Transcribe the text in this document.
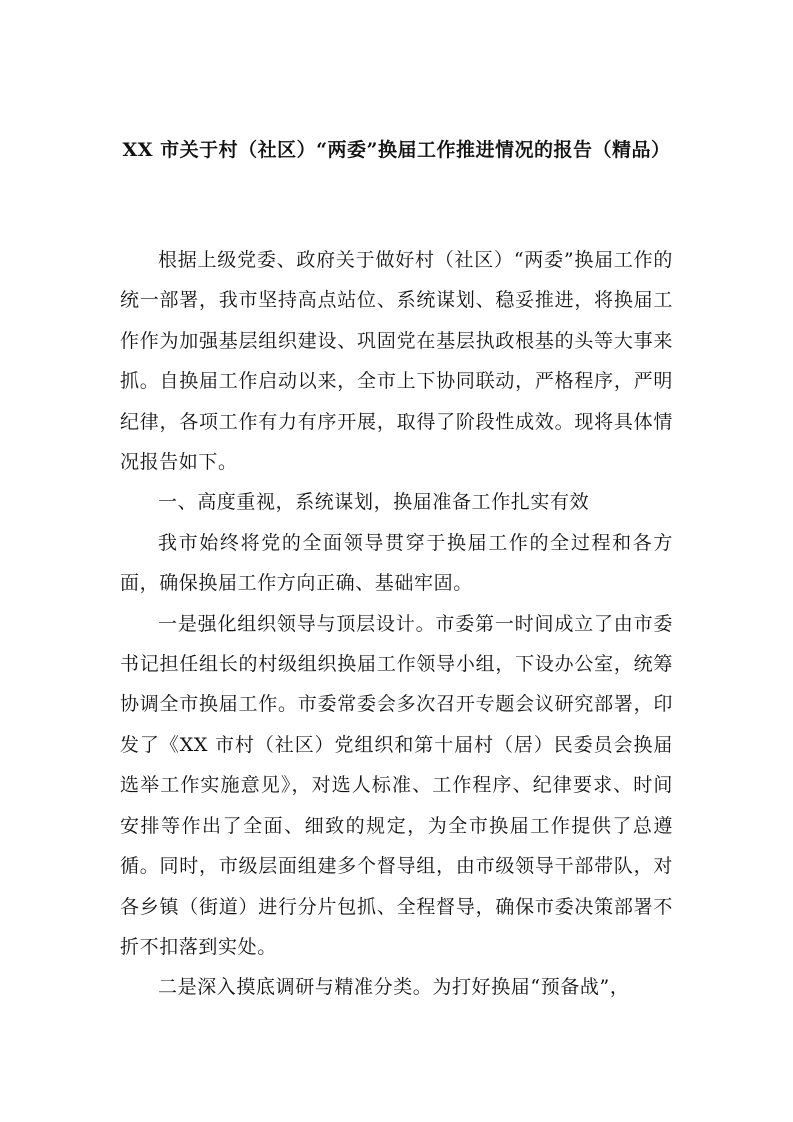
XX 市关于村（社区）“两委”换届工作推进情况的报告（精品）

根据上级党委、政府关于做好村（社区）“两委”换届工作的统一部署，我市坚持高点站位、系统谋划、稳妥推进，将换届工作作为加强基层组织建设、巩固党在基层执政根基的头等大事来抓。自换届工作启动以来，全市上下协同联动，严格程序，严明纪律，各项工作有力有序开展，取得了阶段性成效。现将具体情况报告如下。

一、高度重视，系统谋划，换届准备工作扎实有效

我市始终将党的全面领导贯穿于换届工作的全过程和各方面，确保换届工作方向正确、基础牢固。

一是强化组织领导与顶层设计。市委第一时间成立了由市委书记担任组长的村级组织换届工作领导小组，下设办公室，统筹协调全市换届工作。市委常委会多次召开专题会议研究部署，印发了《XX 市村（社区）党组织和第十届村（居）民委员会换届选举工作实施意见》，对选人标准、工作程序、纪律要求、时间安排等作出了全面、细致的规定，为全市换届工作提供了总遵循。同时，市级层面组建多个督导组，由市级领导干部带队，对各乡镇（街道）进行分片包抓、全程督导，确保市委决策部署不折不扣落到实处。

二是深入摸底调研与精准分类。为打好换届“预备战”，
